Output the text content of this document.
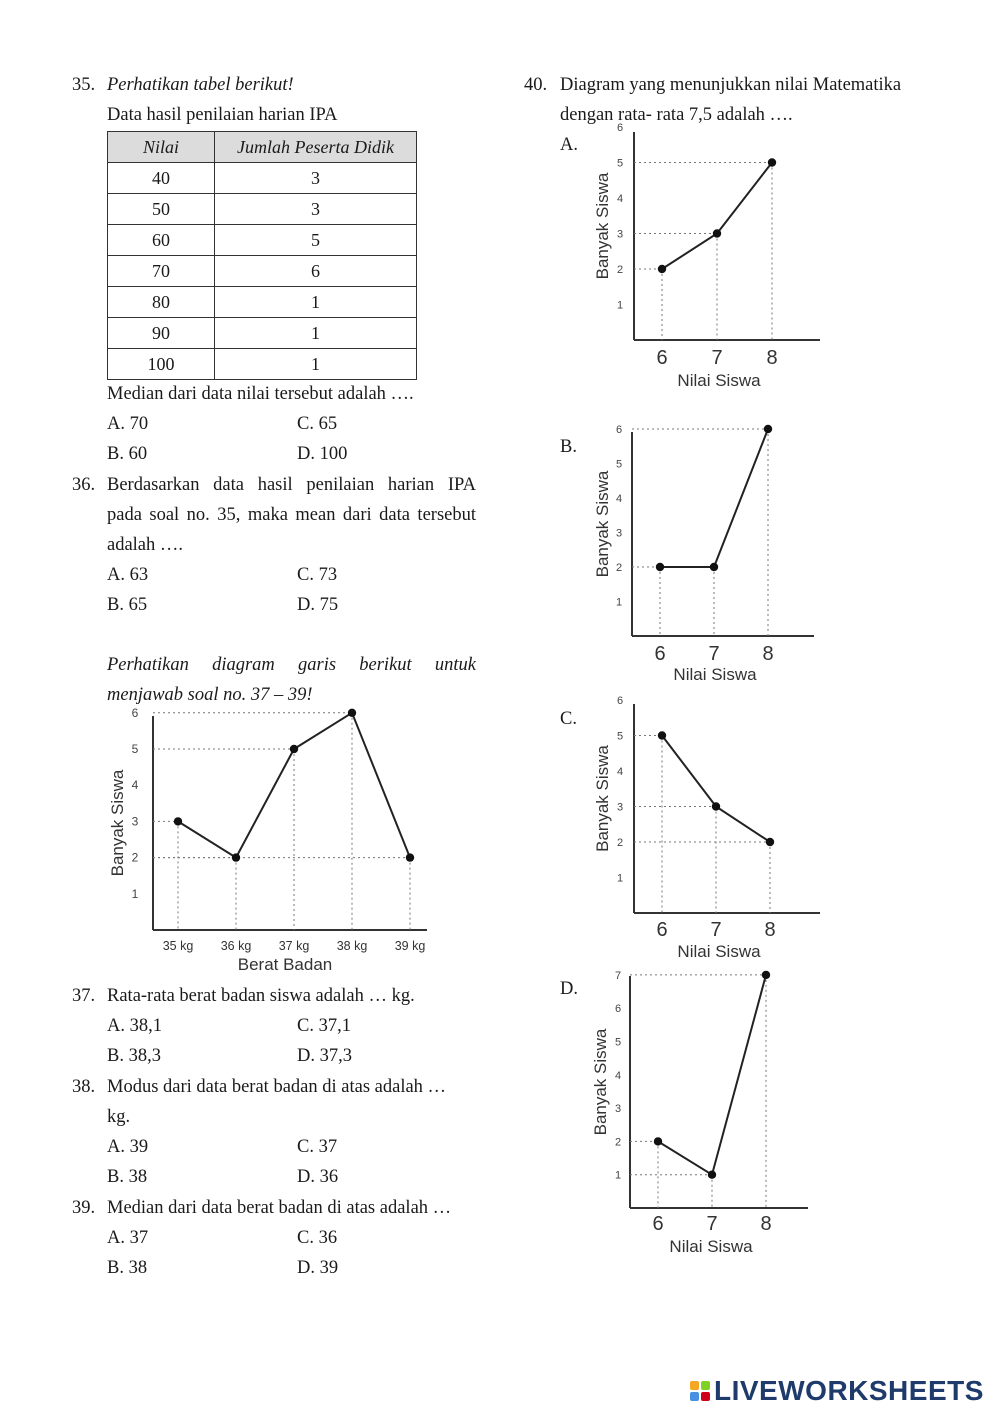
35. Perhatikan tabel berikut!
Data hasil penilaian harian IPA
Nilai	Jumlah Peserta Didik
40	3
50	3
60	5
70	6
80	1
90	1
100	1
Median dari data nilai tersebut adalah ….
A. 70	C. 65
B. 60	D. 100
36. Berdasarkan data hasil penilaian harian IPA
pada soal no. 35, maka mean dari data tersebut
adalah ….
A. 63	C. 73
B. 65	D. 75
Perhatikan diagram garis berikut untuk
menjawab soal no. 37 – 39!
1
2
3
4
5
6
35 kg 36 kg 37 kg 38 kg 39 kg
Berat Badan
Banyak Siswa
37. Rata-rata berat badan siswa adalah … kg.
A. 38,1	C. 37,1
B. 38,3	D. 37,3
38. Modus dari data berat badan di atas adalah …
kg.
A. 39	C. 37
B. 38	D. 36
39. Median dari data berat badan di atas adalah …
A. 37	C. 36
B. 38	D. 39
40. Diagram yang menunjukkan nilai Matematika
dengan rata- rata 7,5 adalah ….
A.
1
2
3
4
5
6
6 7 8
Nilai Siswa
Banyak Siswa
B.
1
2
3
4
5
6
6 7 8
Nilai Siswa
Banyak Siswa
C.
1
2
3
4
5
6
6 7 8
Nilai Siswa
Banyak Siswa
D.
1
2
3
4
5
6
7
6 7 8
Nilai Siswa
Banyak Siswa
LIVEWORKSHEETS
